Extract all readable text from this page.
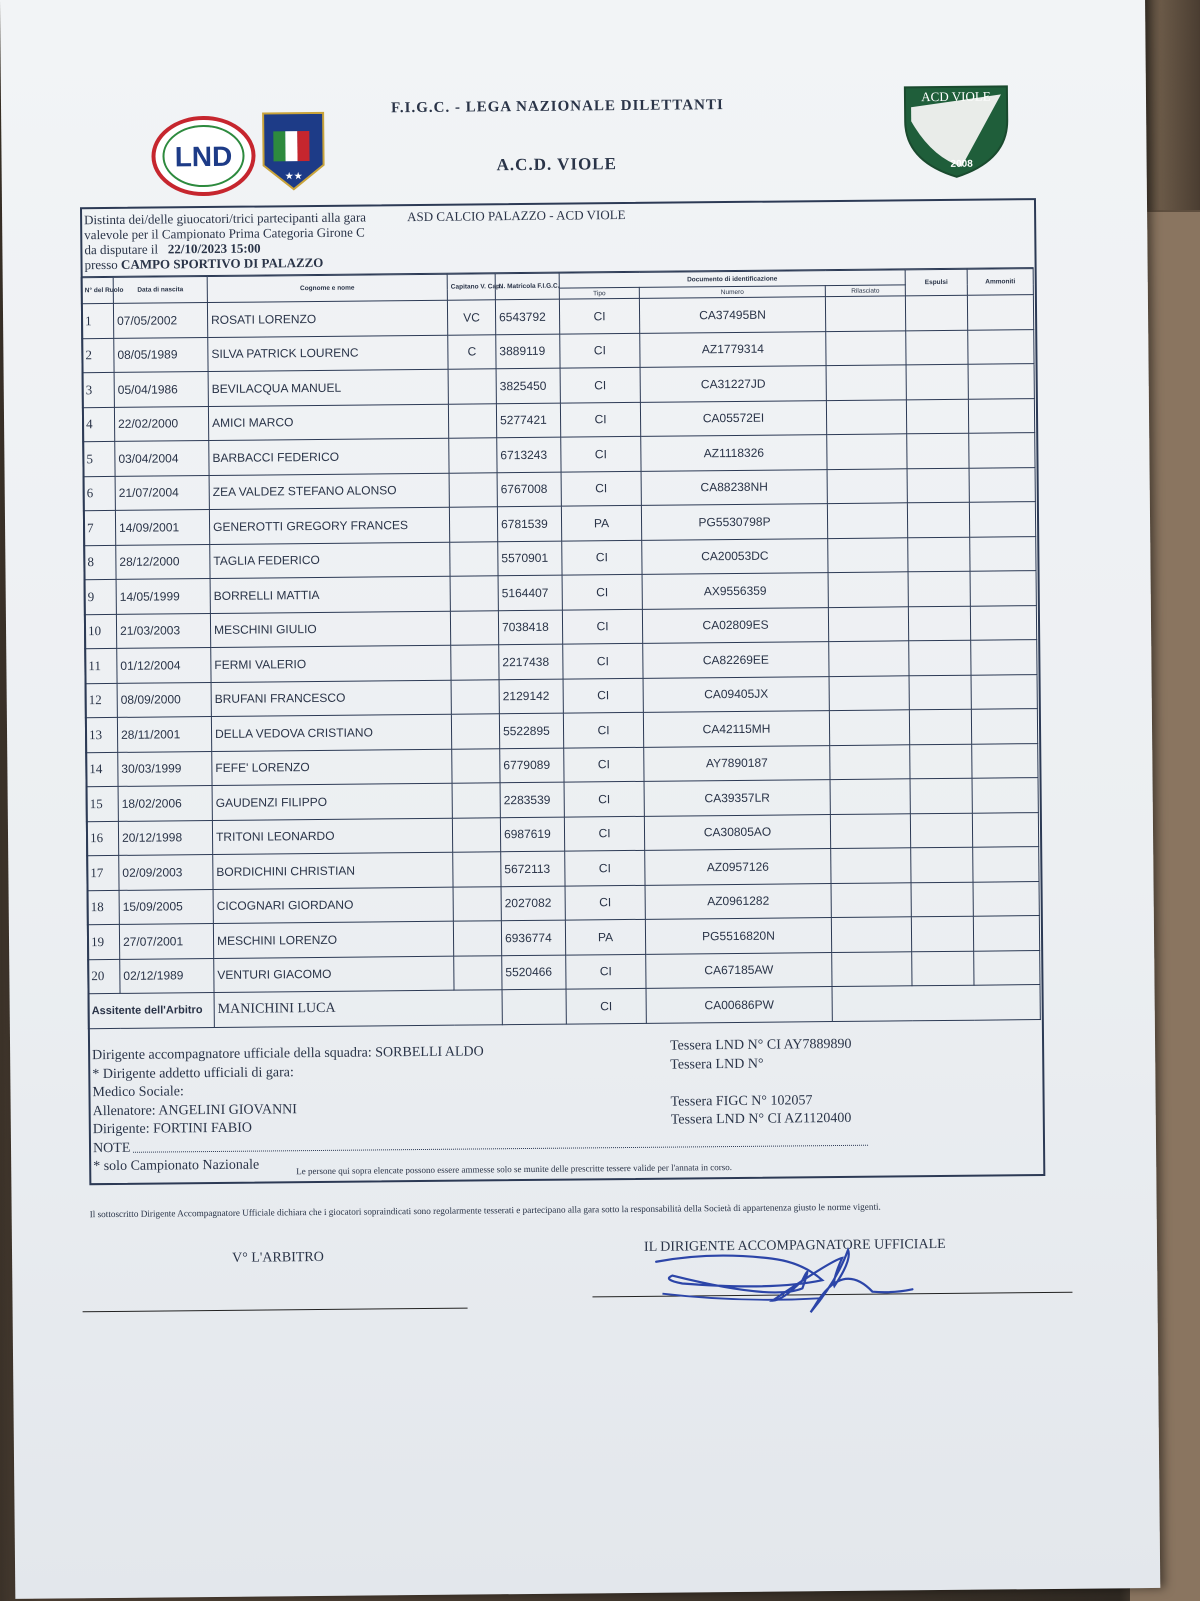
LND
★★
ACD VIOLE
2008
F.I.G.C. - LEGA NAZIONALE DILETTANTI
A.C.D. VIOLE
Distinta dei/delle giuocatori/trici partecipanti alla gara
valevole per il Campionato Prima Categoria Girone C
da disputare il 22/10/2023 15:00
presso CAMPO SPORTIVO DI PALAZZO
ASD CALCIO PALAZZO - ACD VIOLE
N° del Ruolo	Data di nascita	Cognome e nome	Capitano V. Cap.	N. Matricola F.I.G.C.	Documento di identificazione			Espulsi	Ammoniti
					Tipo	Numero	Rilasciato		
1	07/05/2002	ROSATI LORENZO	VC	6543792	CI	CA37495BN			
2	08/05/1989	SILVA PATRICK LOURENC	C	3889119	CI	AZ1779314			
3	05/04/1986	BEVILACQUA MANUEL		3825450	CI	CA31227JD			
4	22/02/2000	AMICI MARCO		5277421	CI	CA05572EI			
5	03/04/2004	BARBACCI FEDERICO		6713243	CI	AZ1118326			
6	21/07/2004	ZEA VALDEZ STEFANO ALONSO		6767008	CI	CA88238NH			
7	14/09/2001	GENEROTTI GREGORY FRANCES		6781539	PA	PG5530798P			
8	28/12/2000	TAGLIA FEDERICO		5570901	CI	CA20053DC			
9	14/05/1999	BORRELLI MATTIA		5164407	CI	AX9556359			
10	21/03/2003	MESCHINI GIULIO		7038418	CI	CA02809ES			
11	01/12/2004	FERMI VALERIO		2217438	CI	CA82269EE			
12	08/09/2000	BRUFANI FRANCESCO		2129142	CI	CA09405JX			
13	28/11/2001	DELLA VEDOVA CRISTIANO		5522895	CI	CA42115MH			
14	30/03/1999	FEFE' LORENZO		6779089	CI	AY7890187			
15	18/02/2006	GAUDENZI FILIPPO		2283539	CI	CA39357LR			
16	20/12/1998	TRITONI LEONARDO		6987619	CI	CA30805AO			
17	02/09/2003	BORDICHINI CHRISTIAN		5672113	CI	AZ0957126			
18	15/09/2005	CICOGNARI GIORDANO		2027082	CI	AZ0961282			
19	27/07/2001	MESCHINI LORENZO		6936774	PA	PG5516820N			
20	02/12/1989	VENTURI GIACOMO		5520466	CI	CA67185AW			
Assitente dell'Arbitro		MANICHINI LUCA			CI	CA00686PW			
Dirigente accompagnatore ufficiale della squadra: SORBELLI ALDO
* Dirigente addetto ufficiali di gara:
Medico Sociale:
Allenatore: ANGELINI GIOVANNI
Dirigente: FORTINI FABIO
NOTE
* solo Campionato Nazionale
Tessera LND N° CI AY7889890
Tessera LND N°
Tessera FIGC N° 102057
Tessera LND N° CI AZ1120400
Le persone qui sopra elencate possono essere ammesse solo se munite delle prescritte tessere valide per l'annata in corso.
Il sottoscritto Dirigente Accompagnatore Ufficiale dichiara che i giocatori sopraindicati sono regolarmente tesserati e partecipano alla gara sotto la responsabilità della Società di appartenenza giusto le norme vigenti.
V° L'ARBITRO
IL DIRIGENTE ACCOMPAGNATORE UFFICIALE
